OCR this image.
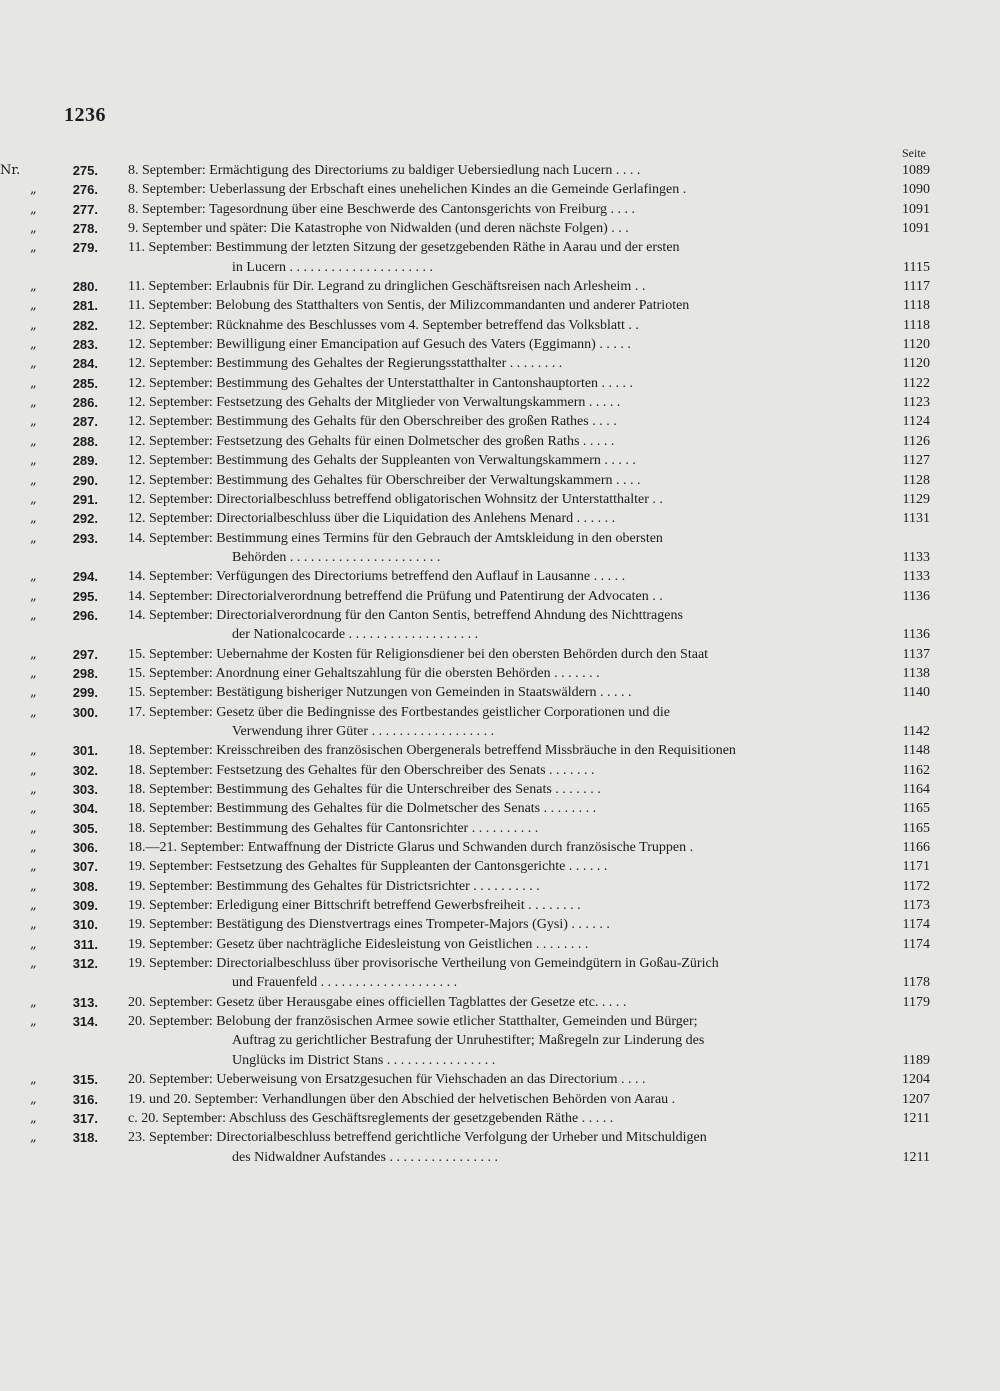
1236
Seite
Nr.	275. 8. September: Ermächtigung des Directoriums zu baldiger Uebersiedlung nach Lucern . . . .	1089
„	276. 8. September: Ueberlassung der Erbschaft eines unehelichen Kindes an die Gemeinde Gerlafingen .	1090
„	277. 8. September: Tagesordnung über eine Beschwerde des Cantonsgerichts von Freiburg . . . .	1091
„	278. 9. September und später: Die Katastrophe von Nidwalden (und deren nächste Folgen) . . .	1091
„	279. 11. September: Bestimmung der letzten Sitzung der gesetzgebenden Räthe in Aarau und der ersten
in Lucern . . . . . . . . . . . . . . . . . . . . .	1115
„	280. 11. September: Erlaubnis für Dir. Legrand zu dringlichen Geschäftsreisen nach Arlesheim . .	1117
„	281. 11. September: Belobung des Statthalters von Sentis, der Milizcommandanten und anderer Patrioten	1118
„	282. 12. September: Rücknahme des Beschlusses vom 4. September betreffend das Volksblatt . .	1118
„	283. 12. September: Bewilligung einer Emancipation auf Gesuch des Vaters (Eggimann) . . . . .	1120
„	284. 12. September: Bestimmung des Gehaltes der Regierungsstatthalter . . . . . . . .	1120
„	285. 12. September: Bestimmung des Gehaltes der Unterstatthalter in Cantonshauptorten . . . . .	1122
„	286. 12. September: Festsetzung des Gehalts der Mitglieder von Verwaltungskammern . . . . .	1123
„	287. 12. September: Bestimmung des Gehalts für den Oberschreiber des großen Rathes . . . .	1124
„	288. 12. September: Festsetzung des Gehalts für einen Dolmetscher des großen Raths . . . . .	1126
„	289. 12. September: Bestimmung des Gehalts der Suppleanten von Verwaltungskammern . . . . .	1127
„	290. 12. September: Bestimmung des Gehaltes für Oberschreiber der Verwaltungskammern . . . .	1128
„	291. 12. September: Directorialbeschluss betreffend obligatorischen Wohnsitz der Unterstatthalter . .	1129
„	292. 12. September: Directorialbeschluss über die Liquidation des Anlehens Menard . . . . . .	1131
„	293. 14. September: Bestimmung eines Termins für den Gebrauch der Amtskleidung in den obersten
Behörden . . . . . . . . . . . . . . . . . . . . . .	1133
„	294. 14. September: Verfügungen des Directoriums betreffend den Auflauf in Lausanne . . . . .	1133
„	295. 14. September: Directorialverordnung betreffend die Prüfung und Patentirung der Advocaten . .	1136
„	296. 14. September: Directorialverordnung für den Canton Sentis, betreffend Ahndung des Nichttragens
der Nationalcocarde . . . . . . . . . . . . . . . . . . .	1136
„	297. 15. September: Uebernahme der Kosten für Religionsdiener bei den obersten Behörden durch den Staat	1137
„	298. 15. September: Anordnung einer Gehaltszahlung für die obersten Behörden . . . . . . .	1138
„	299. 15. September: Bestätigung bisheriger Nutzungen von Gemeinden in Staatswäldern . . . . .	1140
„	300. 17. September: Gesetz über die Bedingnisse des Fortbestandes geistlicher Corporationen und die
Verwendung ihrer Güter . . . . . . . . . . . . . . . . . .	1142
„	301. 18. September: Kreisschreiben des französischen Obergenerals betreffend Missbräuche in den Requisitionen	1148
„	302. 18. September: Festsetzung des Gehaltes für den Oberschreiber des Senats . . . . . . .	1162
„	303. 18. September: Bestimmung des Gehaltes für die Unterschreiber des Senats . . . . . . .	1164
„	304. 18. September: Bestimmung des Gehaltes für die Dolmetscher des Senats . . . . . . . .	1165
„	305. 18. September: Bestimmung des Gehaltes für Cantonsrichter . . . . . . . . . .	1165
„	306. 18.—21. September: Entwaffnung der Districte Glarus und Schwanden durch französische Truppen .	1166
„	307. 19. September: Festsetzung des Gehaltes für Suppleanten der Cantonsgerichte . . . . . .	1171
„	308. 19. September: Bestimmung des Gehaltes für Districtsrichter . . . . . . . . . .	1172
„	309. 19. September: Erledigung einer Bittschrift betreffend Gewerbsfreiheit . . . . . . . .	1173
„	310. 19. September: Bestätigung des Dienstvertrags eines Trompeter-Majors (Gysi) . . . . . .	1174
„	311. 19. September: Gesetz über nachträgliche Eidesleistung von Geistlichen . . . . . . . .	1174
„	312. 19. September: Directorialbeschluss über provisorische Vertheilung von Gemeindgütern in Goßau-Zürich
und Frauenfeld . . . . . . . . . . . . . . . . . . . .	1178
„	313. 20. September: Gesetz über Herausgabe eines officiellen Tagblattes der Gesetze etc. . . . .	1179
„	314. 20. September: Belobung der französischen Armee sowie etlicher Statthalter, Gemeinden und Bürger;
Auftrag zu gerichtlicher Bestrafung der Unruhestifter; Maßregeln zur Linderung des
Unglücks im District Stans . . . . . . . . . . . . . . . .	1189
„	315. 20. September: Ueberweisung von Ersatzgesuchen für Viehschaden an das Directorium . . . .	1204
„	316. 19. und 20. September: Verhandlungen über den Abschied der helvetischen Behörden von Aarau .	1207
„	317. c. 20. September: Abschluss des Geschäftsreglements der gesetzgebenden Räthe . . . . .	1211
„	318. 23. September: Directorialbeschluss betreffend gerichtliche Verfolgung der Urheber und Mitschuldigen
des Nidwaldner Aufstandes . . . . . . . . . . . . . . . .	1211
